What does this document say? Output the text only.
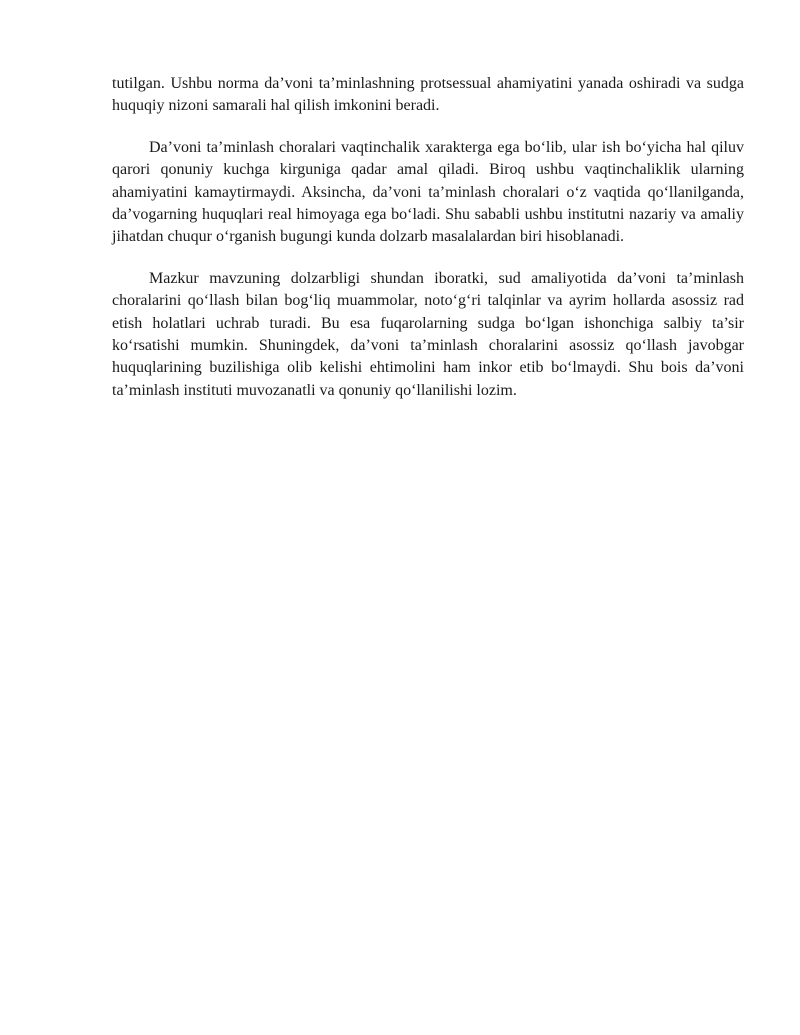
tutilgan. Ushbu norma da’voni ta’minlashning protsessual ahamiyatini yanada oshiradi va sudga huquqiy nizoni samarali hal qilish imkonini beradi.

Da’voni ta’minlash choralari vaqtinchalik xarakterga ega bo‘lib, ular ish bo‘yicha hal qiluv qarori qonuniy kuchga kirguniga qadar amal qiladi. Biroq ushbu vaqtinchaliklik ularning ahamiyatini kamaytirmaydi. Aksincha, da’voni ta’minlash choralari o‘z vaqtida qo‘llanilganda, da’vogarning huquqlari real himoyaga ega bo‘ladi. Shu sababli ushbu institutni nazariy va amaliy jihatdan chuqur o‘rganish bugungi kunda dolzarb masalalardan biri hisoblanadi.

Mazkur mavzuning dolzarbligi shundan iboratki, sud amaliyotida da’voni ta’minlash choralarini qo‘llash bilan bog‘liq muammolar, noto‘g‘ri talqinlar va ayrim hollarda asossiz rad etish holatlari uchrab turadi. Bu esa fuqarolarning sudga bo‘lgan ishonchiga salbiy ta’sir ko‘rsatishi mumkin. Shuningdek, da’voni ta’minlash choralarini asossiz qo‘llash javobgar huquqlarining buzilishiga olib kelishi ehtimolini ham inkor etib bo‘lmaydi. Shu bois da’voni ta’minlash instituti muvozanatli va qonuniy qo‘llanilishi lozim.
